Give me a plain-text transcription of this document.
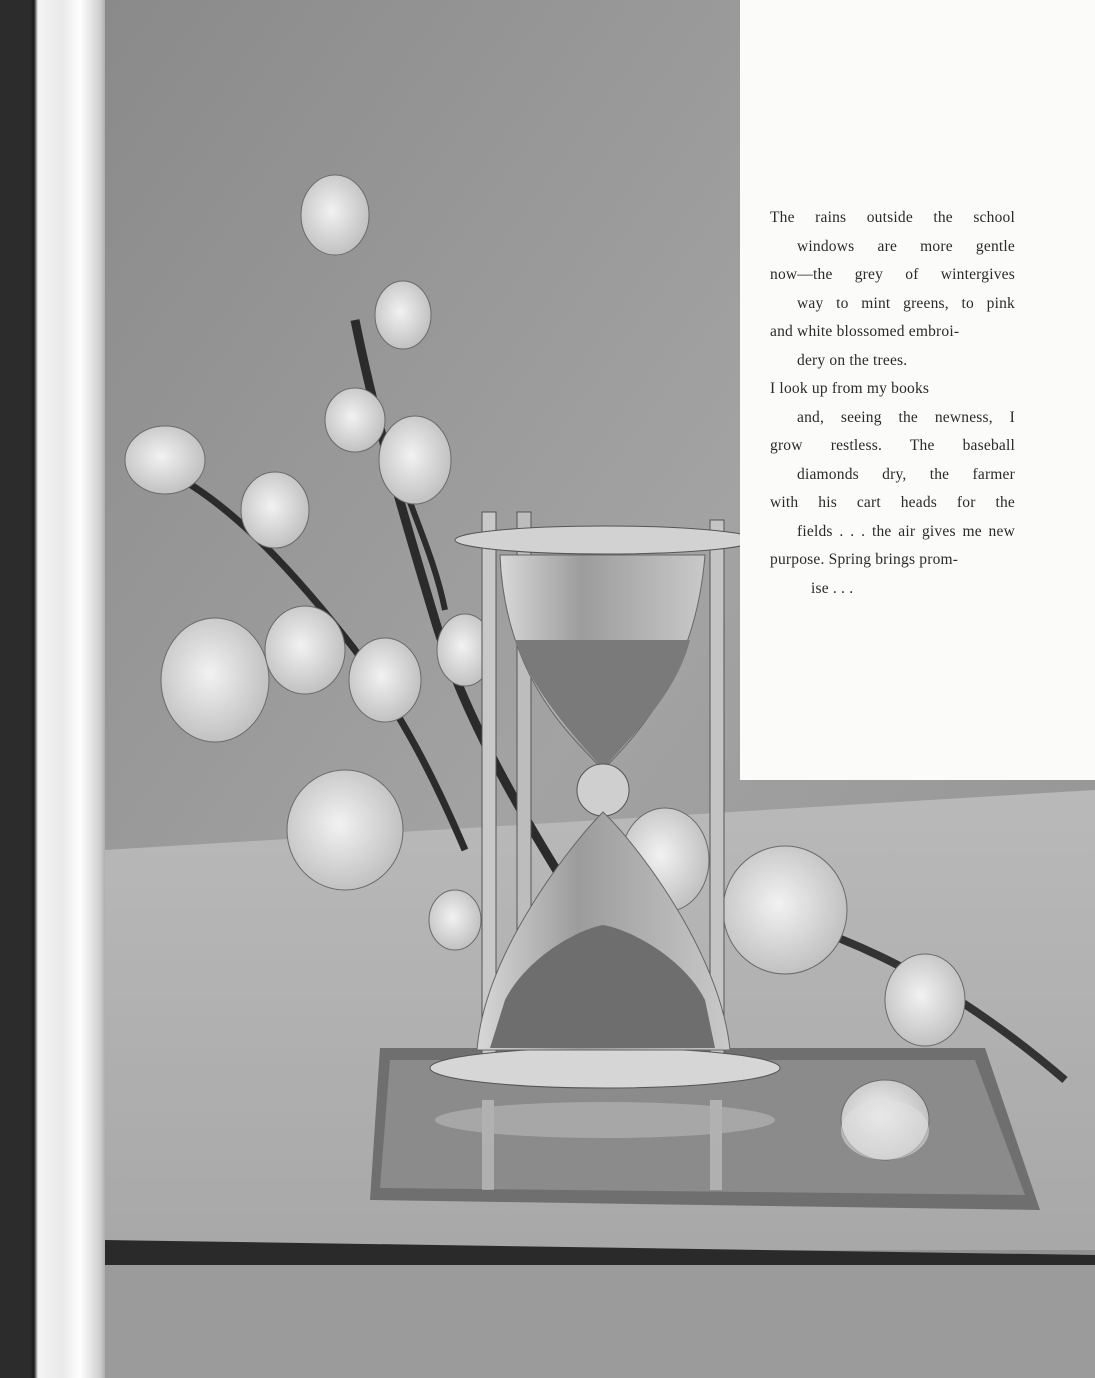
The rains outside the school
windows are more gentle
now—the grey of wintergives
way to mint greens, to pink
and white blossomed embroi-
dery on the trees.
I look up from my books
and, seeing the newness, I
grow restless. The baseball
diamonds dry, the farmer
with his cart heads for the
fields . . . the air gives me new
purpose. Spring brings prom-
ise . . .
